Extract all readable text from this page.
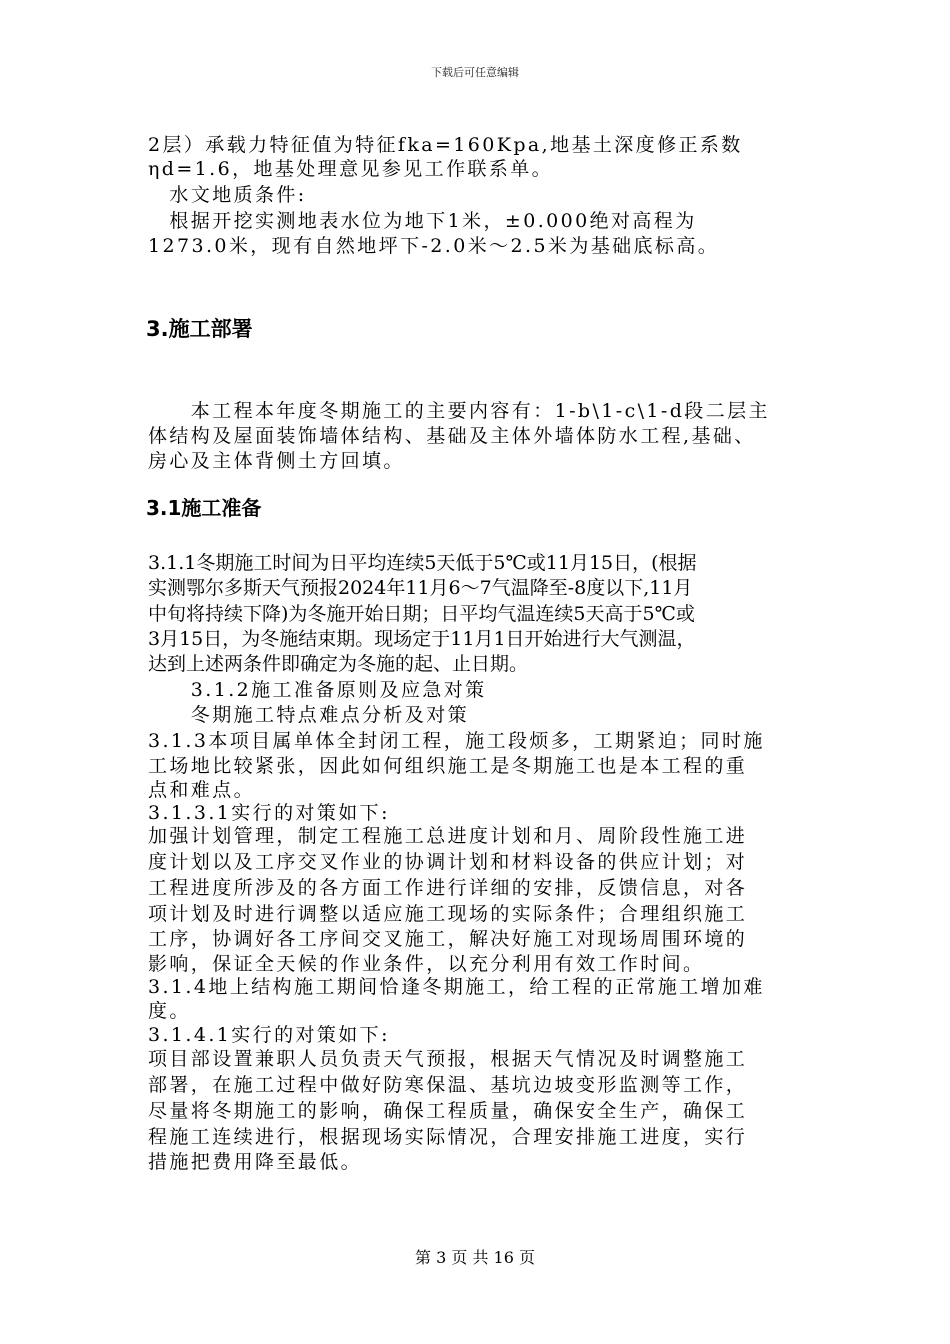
下载后可任意编辑
2层）承载力特征值为特征fka=160Kpa,地基土深度修正系数
ηd=1.6，地基处理意见参见工作联系单。
　水文地质条件:
　根据开挖实测地表水位为地下1米，±0.000绝对高程为
1273.0米，现有自然地坪下-2.0米～2.5米为基础底标高。
3.施工部署
　　本工程本年度冬期施工的主要内容有：1-b\1-c\1-d段二层主
体结构及屋面装饰墙体结构、基础及主体外墙体防水工程,基础、
房心及主体背侧土方回填。
3.1施工准备
3.1.1冬期施工时间为日平均连续5天低于5℃或11月15日，(根据
实测鄂尔多斯天气预报2024年11月6～7气温降至-8度以下,11月
中旬将持续下降)为冬施开始日期；日平均气温连续5天高于5℃或
3月15日，为冬施结束期。现场定于11月1日开始进行大气测温，
达到上述两条件即确定为冬施的起、止日期。
　　3.1.2施工准备原则及应急对策
　　冬期施工特点难点分析及对策
3.1.3本项目属单体全封闭工程，施工段烦多，工期紧迫；同时施
工场地比较紧张，因此如何组织施工是冬期施工也是本工程的重
点和难点。
3.1.3.1实行的对策如下:
加强计划管理，制定工程施工总进度计划和月、周阶段性施工进
度计划以及工序交叉作业的协调计划和材料设备的供应计划；对
工程进度所涉及的各方面工作进行详细的安排，反馈信息，对各
项计划及时进行调整以适应施工现场的实际条件；合理组织施工
工序，协调好各工序间交叉施工，解决好施工对现场周围环境的
影响，保证全天候的作业条件，以充分利用有效工作时间。
3.1.4地上结构施工期间恰逢冬期施工，给工程的正常施工增加难
度。
3.1.4.1实行的对策如下:
项目部设置兼职人员负责天气预报，根据天气情况及时调整施工
部署，在施工过程中做好防寒保温、基坑边坡变形监测等工作，
尽量将冬期施工的影响，确保工程质量，确保安全生产，确保工
程施工连续进行，根据现场实际情况，合理安排施工进度，实行
措施把费用降至最低。
第 3 页 共 16 页
